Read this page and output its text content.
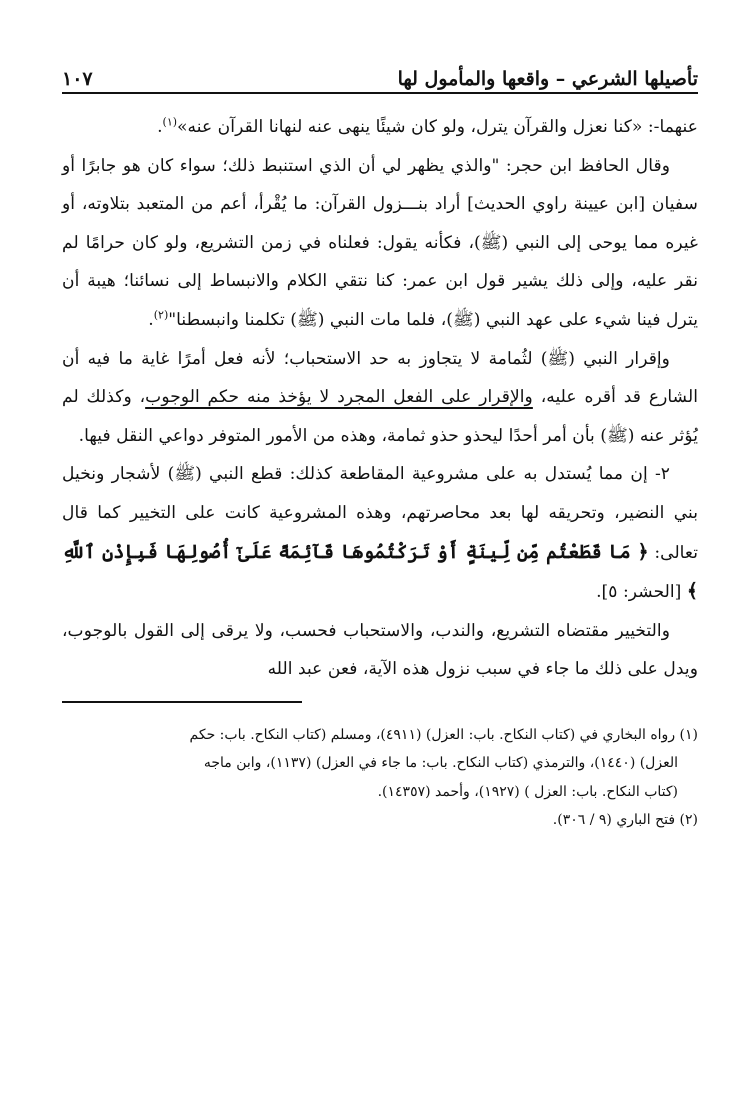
تأصيلها الشرعي – واقعها والمأمول لها
١٠٧

عنهما-: «كنا نعزل والقرآن يترل، ولو كان شيئًا ينهى عنه لنهانا القرآن عنه»$^{(١)}$.

وقال الحافظ ابن حجر: "والذي يظهر لي أن الذي استنبط ذلك؛ سواء كان هو جابرًا أو سفيان [ابن عيينة راوي الحديث] أراد بنـــزول القرآن: ما يُقْرأ، أعم من المتعبد بتلاوته، أو غيره مما يوحى إلى النبي (ﷺ)، فكأنه يقول: فعلناه في زمن التشريع، ولو كان حرامًا لم نقر عليه، وإلى ذلك يشير قول ابن عمر: كنا نتقي الكلام والانبساط إلى نسائنا؛ هيبة أن يترل فينا شيء على عهد النبي (ﷺ)، فلما مات النبي (ﷺ) تكلمنا وانبسطنا"$^{(٢)}$.

وإقرار النبي (ﷺ) لثُمامة لا يتجاوز به حد الاستحباب؛ لأنه فعل أمرًا غاية ما فيه أن الشارع قد أقره عليه، والإقرار على الفعل المجرد لا يؤخذ منه حكم الوجوب، وكذلك لم يُؤثر عنه (ﷺ) بأن أمر أحدًا ليحذو حذو ثمامة، وهذه من الأمور المتوفر دواعي النقل فيها.

٢- إن مما يُستدل به على مشروعية المقاطعة كذلك: قطع النبي (ﷺ) لأشجار ونخيل بني النضير، وتحريقه لها بعد محاصرتهم، وهذه المشروعية كانت على التخيير كما قال تعالى: ﴿ مَا قَطَعْتُم مِّن لِّينَةٍ أَوْ تَرَكْتُمُوهَا قَآئِمَةً عَلَىٰٓ أُصُولِهَا فَبِإِذْنِ ٱللَّهِ ﴾ [الحشر: ٥].

والتخيير مقتضاه التشريع، والندب، والاستحباب فحسب، ولا يرقى إلى القول بالوجوب، ويدل على ذلك ما جاء في سبب نزول هذه الآية، فعن عبد الله

(١) رواه البخاري في (كتاب النكاح. باب: العزل) (٤٩١١)، ومسلم (كتاب النكاح. باب: حكم

العزل) (١٤٤٠)، والترمذي (كتاب النكاح. باب: ما جاء في العزل) (١١٣٧)، وابن ماجه

(كتاب النكاح. باب: العزل ) (١٩٢٧)، وأحمد (١٤٣٥٧).

(٢) فتح الباري (٩ / ٣٠٦).
